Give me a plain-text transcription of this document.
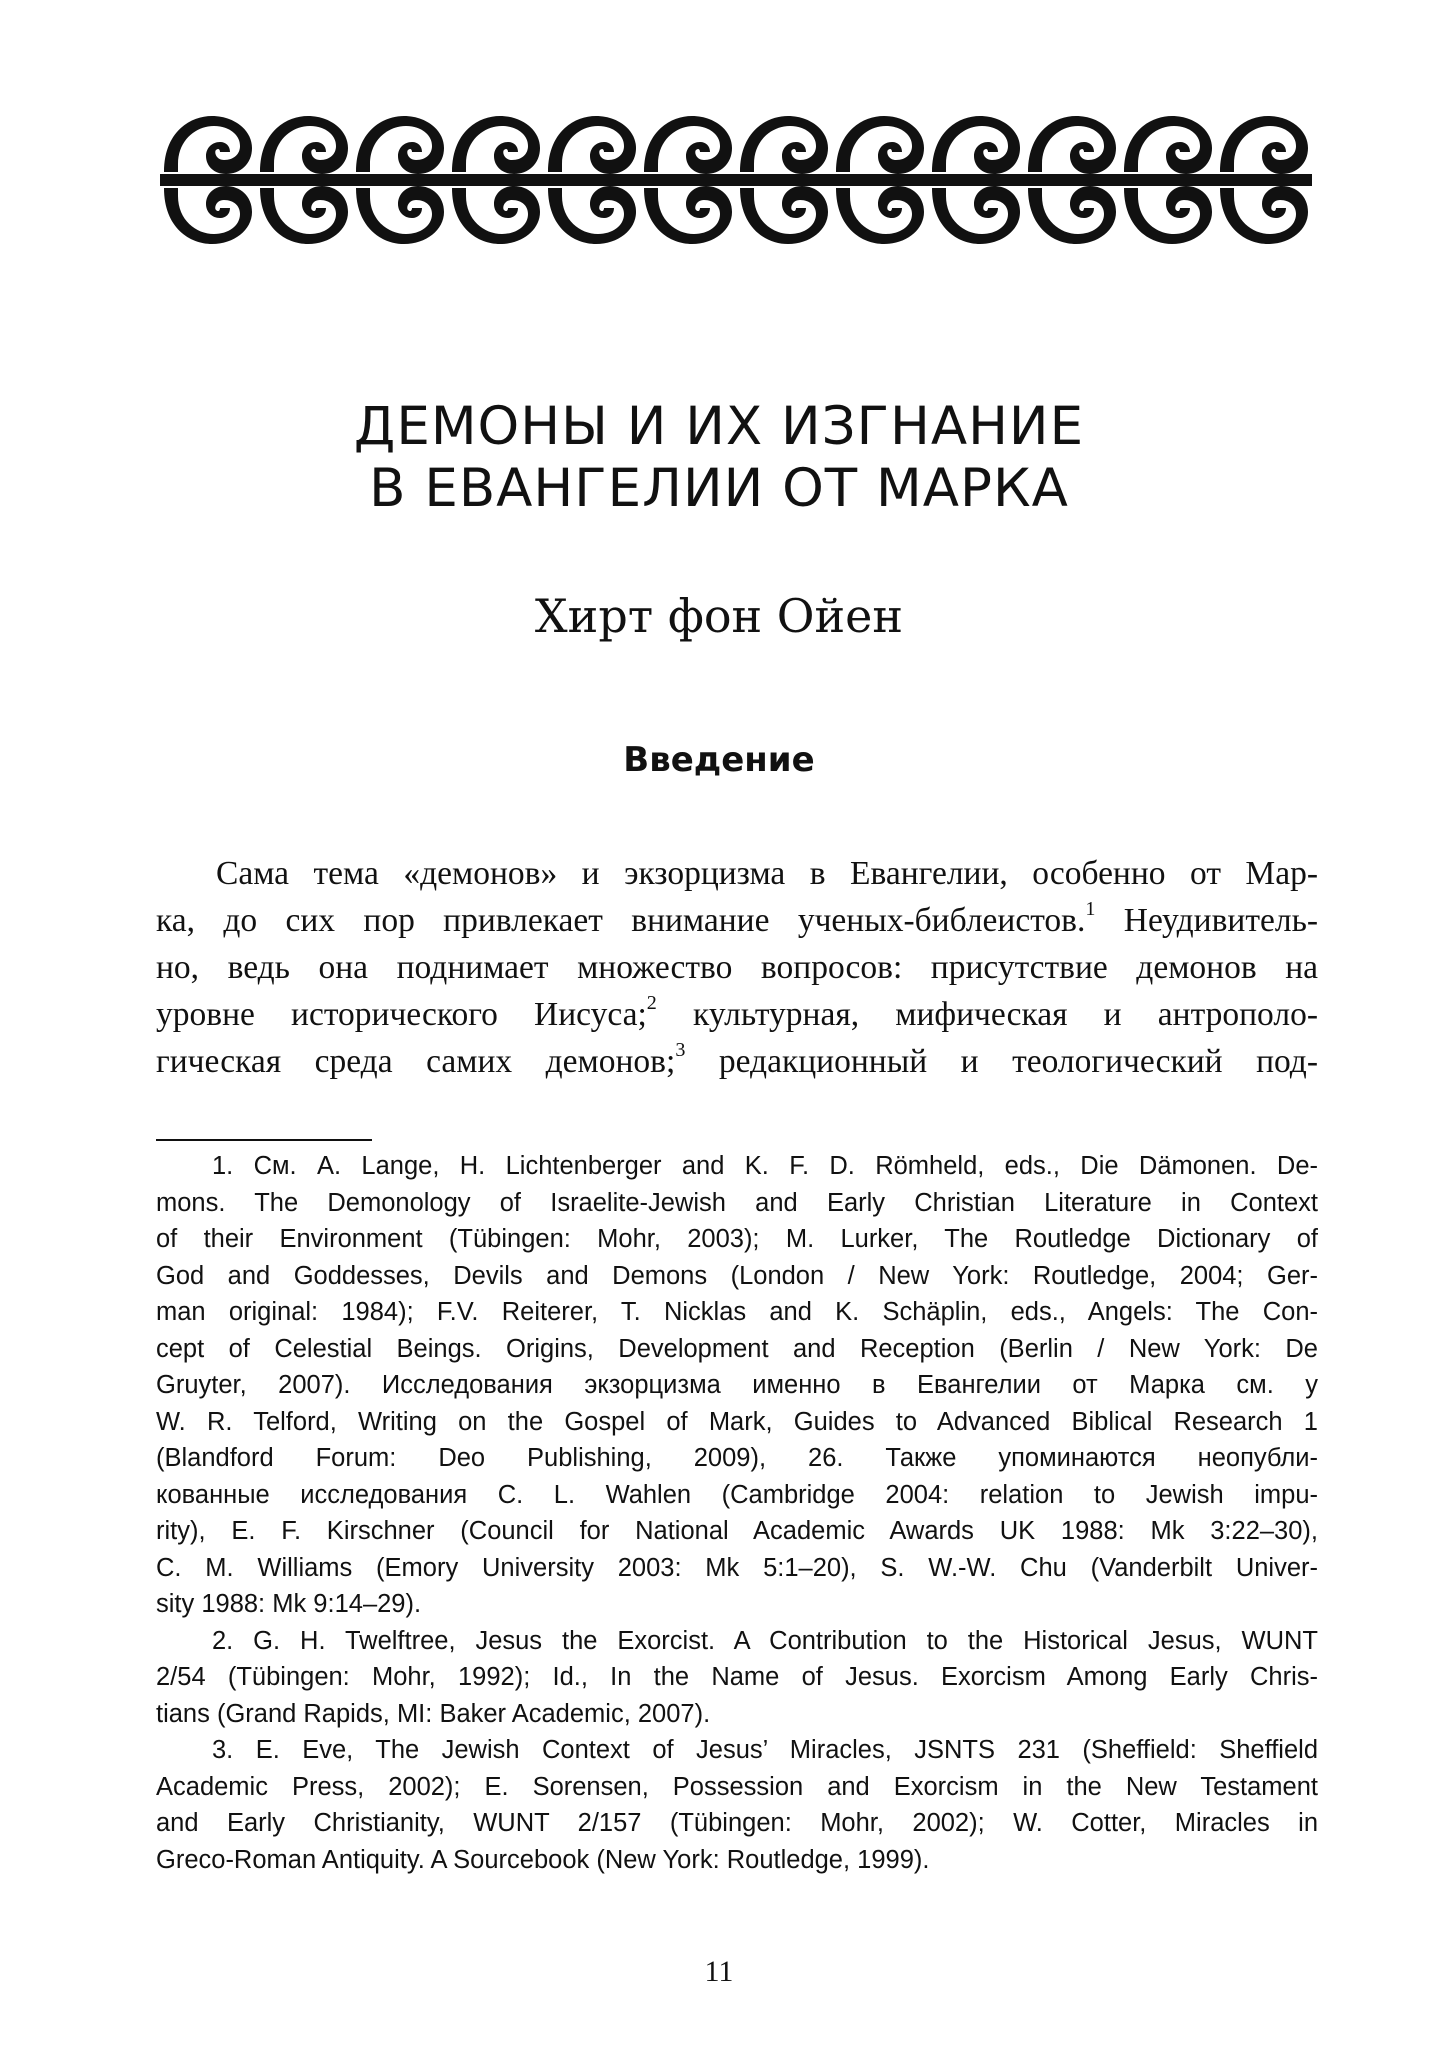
ДЕМОНЫ И ИХ ИЗГНАНИЕ
В ЕВАНГЕЛИИ ОТ МАРКА
Хирт фон Ойен
Введение
Сама тема «демонов» и экзорцизма в Евангелии, особенно от Мар-
ка, до сих пор привлекает внимание ученых-библеистов.$^1$ Неудивитель-
но, ведь она поднимает множество вопросов: присутствие демонов на
уровне исторического Иисуса;$^2$ культурная, мифическая и антрополо-
гическая среда самих демонов;$^3$ редакционный и теологический под-
1. См. A. Lange, H. Lichtenberger and K. F. D. Römheld, eds., Die Dämonen. De-
mons. The Demonology of Israelite-Jewish and Early Christian Literature in Context
of their Environment (Tübingen: Mohr, 2003); M. Lurker, The Routledge Dictionary of
God and Goddesses, Devils and Demons (London / New York: Routledge, 2004; Ger-
man original: 1984); F.V. Reiterer, T. Nicklas and K. Schäplin, eds., Angels: The Con-
cept of Celestial Beings. Origins, Development and Reception (Berlin / New York: De
Gruyter, 2007). Исследования экзорцизма именно в Евангелии от Марка см. у
W. R. Telford, Writing on the Gospel of Mark, Guides to Advanced Biblical Research 1
(Blandford Forum: Deo Publishing, 2009), 26. Также упоминаются неопубли-
кованные исследования C. L. Wahlen (Cambridge 2004: relation to Jewish impu-
rity), E. F. Kirschner (Council for National Academic Awards UK 1988: Mk 3:22–30),
C. M. Williams (Emory University 2003: Mk 5:1–20), S. W.-W. Chu (Vanderbilt Univer-
sity 1988: Mk 9:14–29).
2. G. H. Twelftree, Jesus the Exorcist. A Contribution to the Historical Jesus, WUNT
2/54 (Tübingen: Mohr, 1992); Id., In the Name of Jesus. Exorcism Among Early Chris-
tians (Grand Rapids, MI: Baker Academic, 2007).
3. E. Eve, The Jewish Context of Jesus’ Miracles, JSNTS 231 (Sheffield: Sheffield
Academic Press, 2002); E. Sorensen, Possession and Exorcism in the New Testament
and Early Christianity, WUNT 2/157 (Tübingen: Mohr, 2002); W. Cotter, Miracles in
Greco-Roman Antiquity. A Sourcebook (New York: Routledge, 1999).
11
